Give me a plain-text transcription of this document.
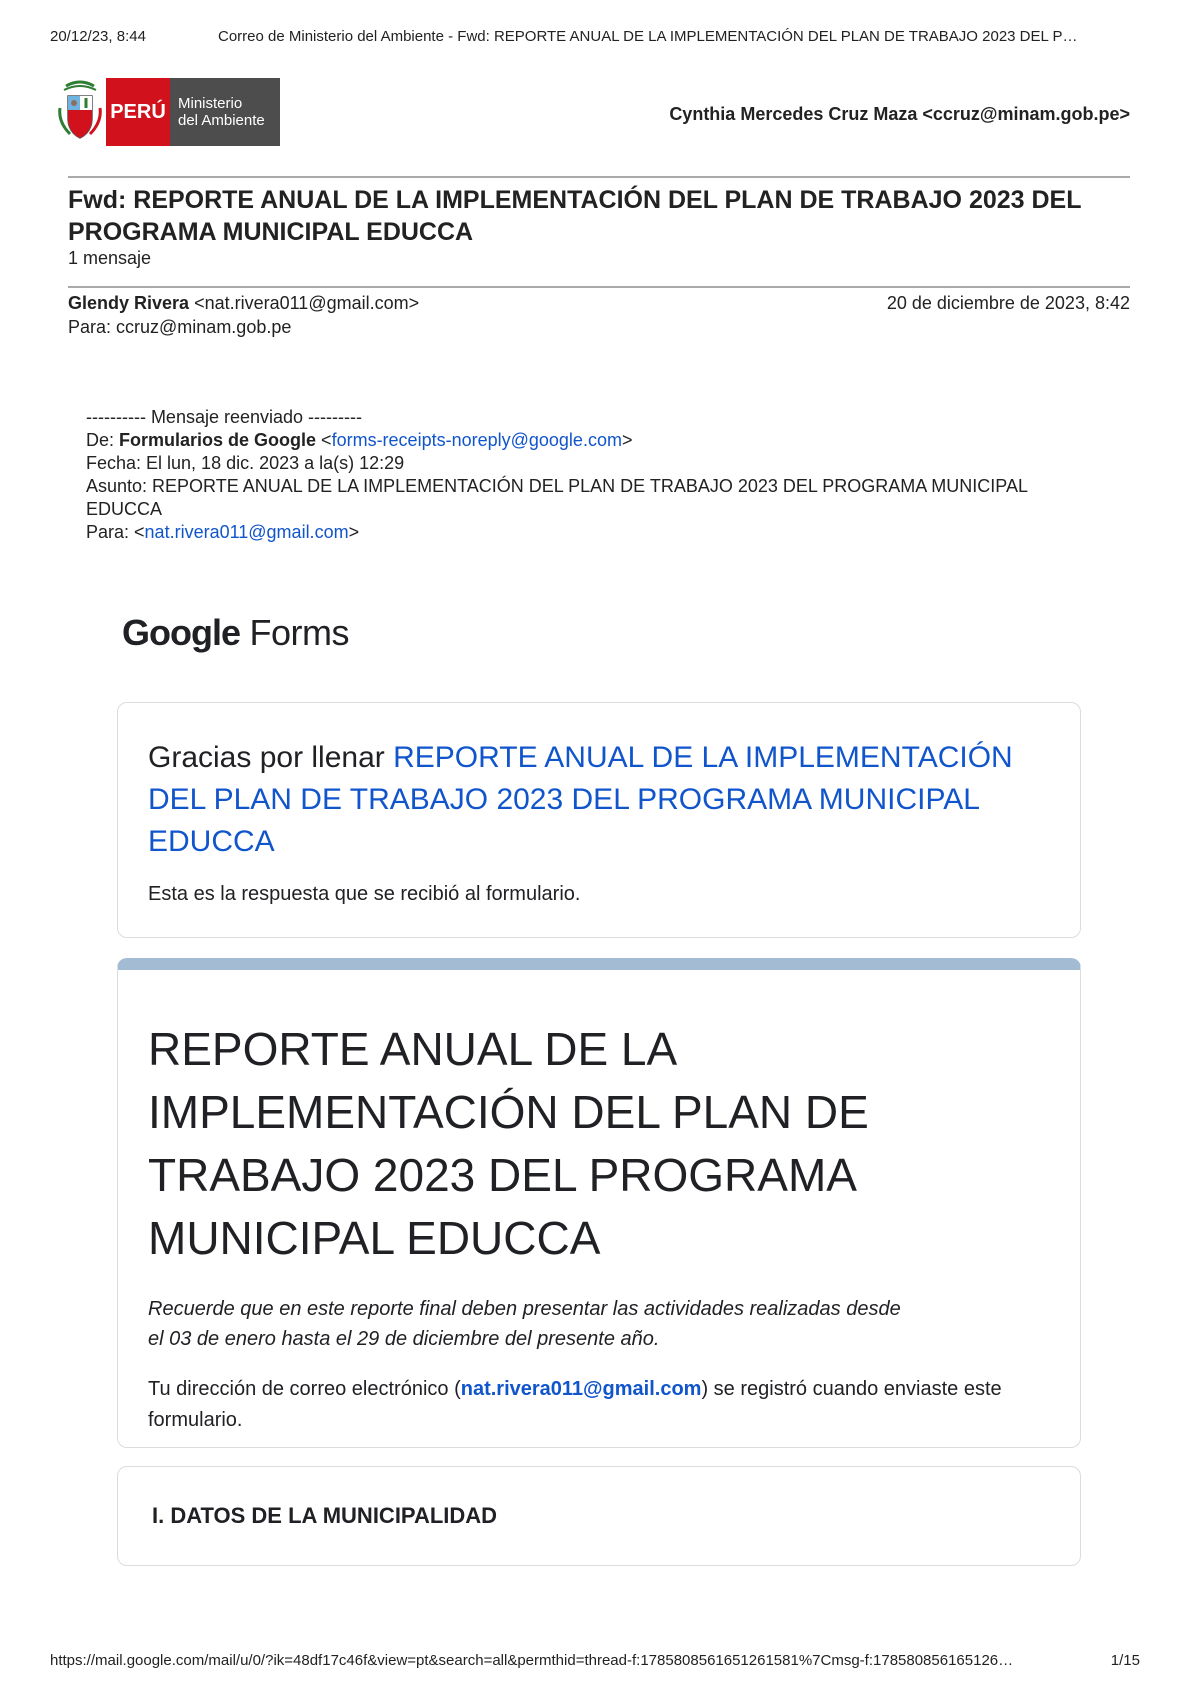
20/12/23, 8:44	Correo de Ministerio del Ambiente - Fwd: REPORTE ANUAL DE LA IMPLEMENTACIÓN DEL PLAN DE TRABAJO 2023 DEL P…
PERÚ Ministerio
del Ambiente	Cynthia Mercedes Cruz Maza <ccruz@minam.gob.pe>
Fwd: REPORTE ANUAL DE LA IMPLEMENTACIÓN DEL PLAN DE TRABAJO 2023 DEL PROGRAMA MUNICIPAL EDUCCA
1 mensaje
Glendy Rivera <nat.rivera011@gmail.com>	20 de diciembre de 2023, 8:42
Para: ccruz@minam.gob.pe
---------- Mensaje reenviado ---------
De: Formularios de Google <forms-receipts-noreply@google.com>
Fecha: El lun, 18 dic. 2023 a la(s) 12:29
Asunto: REPORTE ANUAL DE LA IMPLEMENTACIÓN DEL PLAN DE TRABAJO 2023 DEL PROGRAMA MUNICIPAL EDUCCA
Para: <nat.rivera011@gmail.com>
Google Forms
Gracias por llenar REPORTE ANUAL DE LA IMPLEMENTACIÓN DEL PLAN DE TRABAJO 2023 DEL PROGRAMA MUNICIPAL EDUCCA
Esta es la respuesta que se recibió al formulario.
REPORTE ANUAL DE LA IMPLEMENTACIÓN DEL PLAN DE TRABAJO 2023 DEL PROGRAMA MUNICIPAL EDUCCA
Recuerde que en este reporte final deben presentar las actividades realizadas desde el 03 de enero hasta el 29 de diciembre del presente año.
Tu dirección de correo electrónico (nat.rivera011@gmail.com) se registró cuando enviaste este formulario.
I. DATOS DE LA MUNICIPALIDAD
https://mail.google.com/mail/u/0/?ik=48df17c46f&view=pt&search=all&permthid=thread-f:1785808561651261581%7Cmsg-f:178580856165126…	1/15
